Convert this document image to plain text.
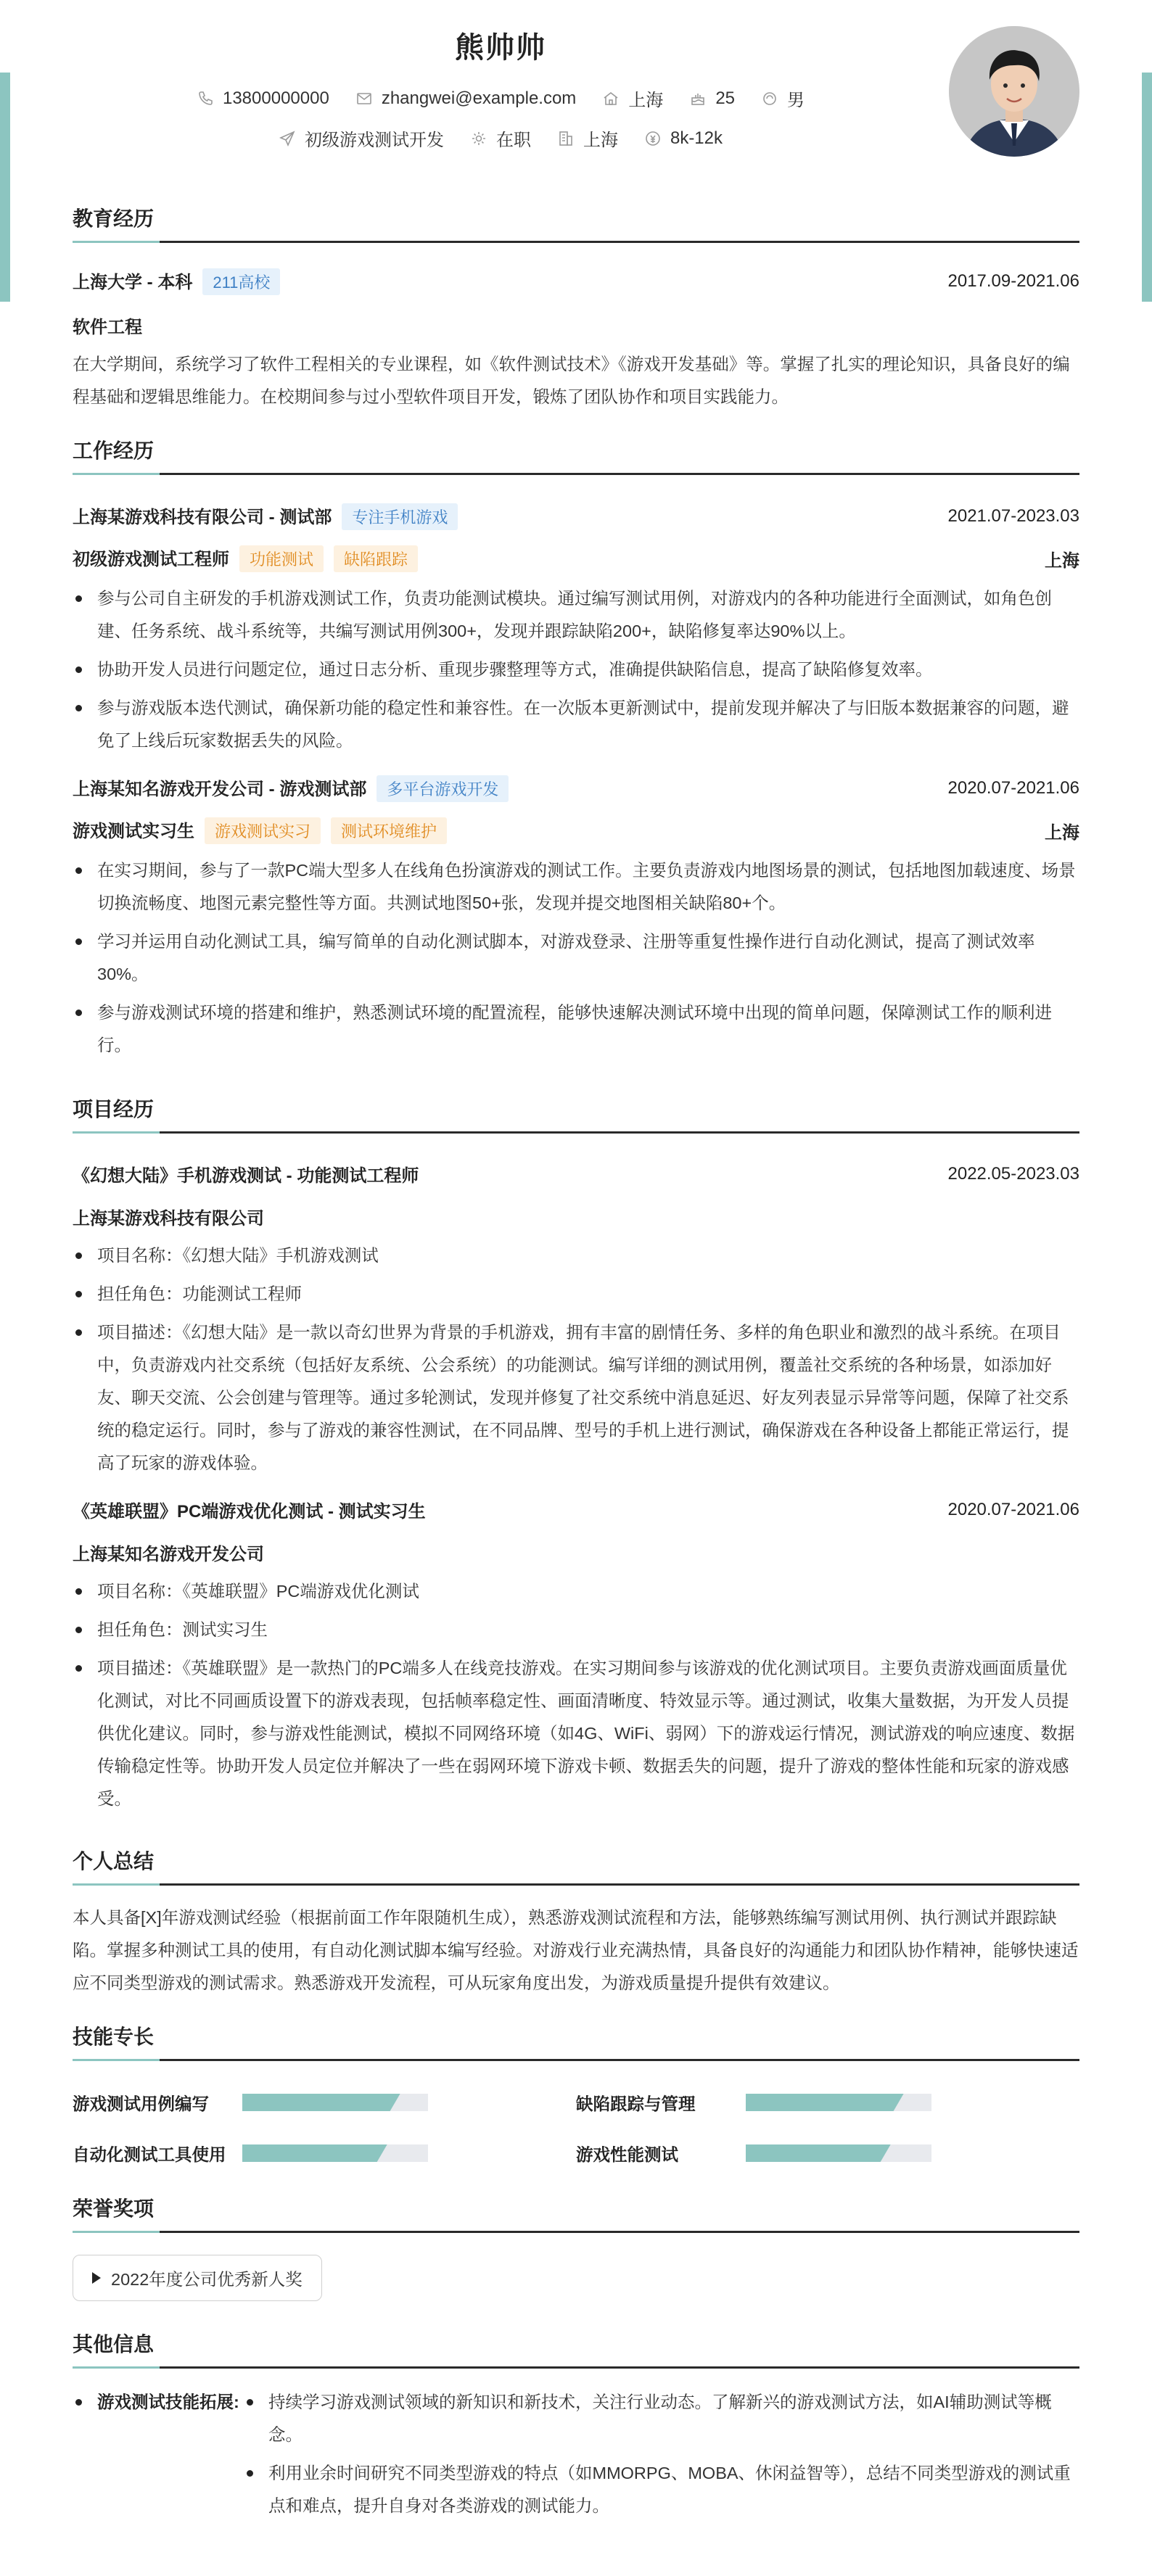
熊帅帅
13800000000	zhangwei@example.com	上海	25	男
初级游戏测试开发	在职	上海	8k-12k
教育经历
上海大学 - 本科 211高校	2017.09-2021.06
软件工程
在大学期间，系统学习了软件工程相关的专业课程，如《软件测试技术》《游戏开发基础》等。掌握了扎实的理论知识，具备良好的编程基础和逻辑思维能力。在校期间参与过小型软件项目开发，锻炼了团队协作和项目实践能力。
工作经历
上海某游戏科技有限公司 - 测试部 专注手机游戏	2021.07-2023.03
初级游戏测试工程师 功能测试 缺陷跟踪	上海
参与公司自主研发的手机游戏测试工作，负责功能测试模块。通过编写测试用例，对游戏内的各种功能进行全面测试，如角色创建、任务系统、战斗系统等，共编写测试用例300+，发现并跟踪缺陷200+，缺陷修复率达90%以上。
协助开发人员进行问题定位，通过日志分析、重现步骤整理等方式，准确提供缺陷信息，提高了缺陷修复效率。
参与游戏版本迭代测试，确保新功能的稳定性和兼容性。在一次版本更新测试中，提前发现并解决了与旧版本数据兼容的问题，避免了上线后玩家数据丢失的风险。
上海某知名游戏开发公司 - 游戏测试部 多平台游戏开发	2020.07-2021.06
游戏测试实习生 游戏测试实习 测试环境维护	上海
在实习期间，参与了一款PC端大型多人在线角色扮演游戏的测试工作。主要负责游戏内地图场景的测试，包括地图加载速度、场景切换流畅度、地图元素完整性等方面。共测试地图50+张，发现并提交地图相关缺陷80+个。
学习并运用自动化测试工具，编写简单的自动化测试脚本，对游戏登录、注册等重复性操作进行自动化测试，提高了测试效率30%。
参与游戏测试环境的搭建和维护，熟悉测试环境的配置流程，能够快速解决测试环境中出现的简单问题，保障测试工作的顺利进行。
项目经历
《幻想大陆》手机游戏测试 - 功能测试工程师	2022.05-2023.03
上海某游戏科技有限公司
项目名称：《幻想大陆》手机游戏测试
担任角色：功能测试工程师
项目描述：《幻想大陆》是一款以奇幻世界为背景的手机游戏，拥有丰富的剧情任务、多样的角色职业和激烈的战斗系统。在项目中，负责游戏内社交系统（包括好友系统、公会系统）的功能测试。编写详细的测试用例，覆盖社交系统的各种场景，如添加好友、聊天交流、公会创建与管理等。通过多轮测试，发现并修复了社交系统中消息延迟、好友列表显示异常等问题，保障了社交系统的稳定运行。同时，参与了游戏的兼容性测试，在不同品牌、型号的手机上进行测试，确保游戏在各种设备上都能正常运行，提高了玩家的游戏体验。
《英雄联盟》PC端游戏优化测试 - 测试实习生	2020.07-2021.06
上海某知名游戏开发公司
项目名称：《英雄联盟》PC端游戏优化测试
担任角色：测试实习生
项目描述：《英雄联盟》是一款热门的PC端多人在线竞技游戏。在实习期间参与该游戏的优化测试项目。主要负责游戏画面质量优化测试，对比不同画质设置下的游戏表现，包括帧率稳定性、画面清晰度、特效显示等。通过测试，收集大量数据，为开发人员提供优化建议。同时，参与游戏性能测试，模拟不同网络环境（如4G、WiFi、弱网）下的游戏运行情况，测试游戏的响应速度、数据传输稳定性等。协助开发人员定位并解决了一些在弱网环境下游戏卡顿、数据丢失的问题，提升了游戏的整体性能和玩家的游戏感受。
个人总结
本人具备[X]年游戏测试经验（根据前面工作年限随机生成），熟悉游戏测试流程和方法，能够熟练编写测试用例、执行测试并跟踪缺陷。掌握多种测试工具的使用，有自动化测试脚本编写经验。对游戏行业充满热情，具备良好的沟通能力和团队协作精神，能够快速适应不同类型游戏的测试需求。熟悉游戏开发流程，可从玩家角度出发，为游戏质量提升提供有效建议。
技能专长
游戏测试用例编写	缺陷跟踪与管理
自动化测试工具使用	游戏性能测试
荣誉奖项
2022年度公司优秀新人奖
其他信息
游戏测试技能拓展:	持续学习游戏测试领域的新知识和新技术，关注行业动态。了解新兴的游戏测试方法，如AI辅助测试等概念。
利用业余时间研究不同类型游戏的特点（如MMORPG、MOBA、休闲益智等），总结不同类型游戏的测试重点和难点，提升自身对各类游戏的测试能力。
